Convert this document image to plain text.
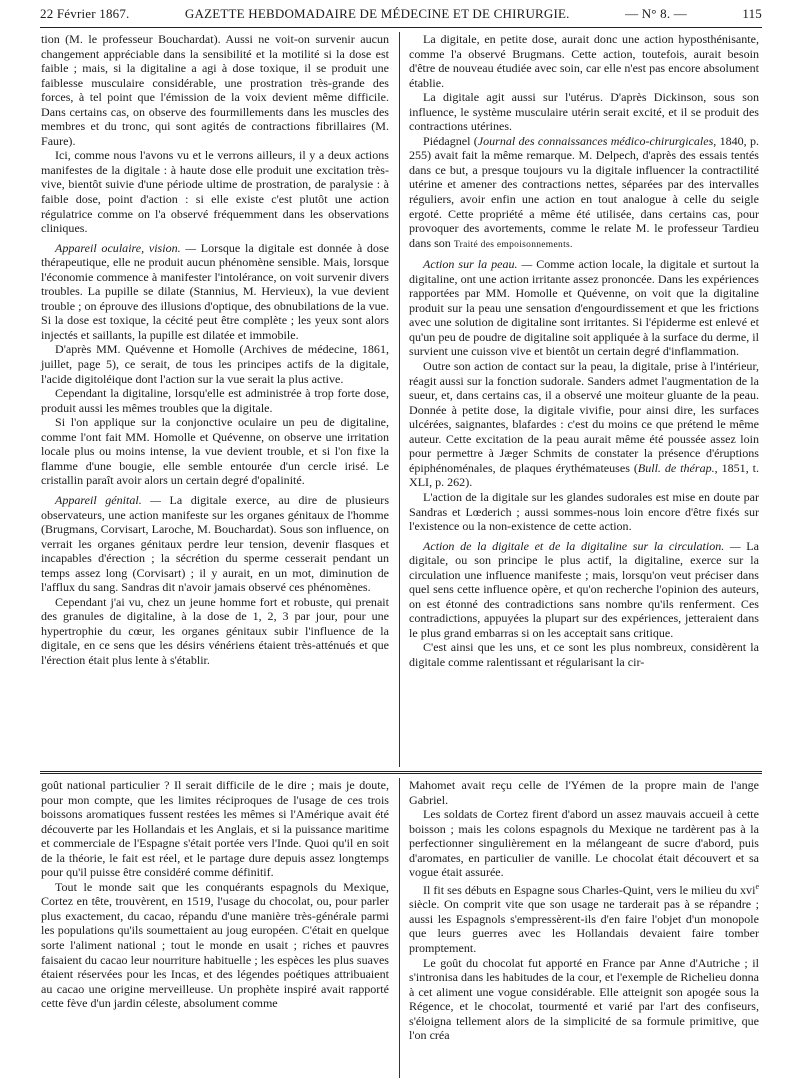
22 Février 1867.	GAZETTE HEBDOMADAIRE DE MÉDECINE ET DE CHIRURGIE.	— N° 8. —	115

tion (M. le professeur Bouchardat). Aussi ne voit-on survenir aucun changement appréciable dans la sensibilité et la motilité si la dose est faible ; mais, si la digitaline a agi à dose toxique, il se produit une faiblesse musculaire considérable, une prostration très-grande des forces, à tel point que l'émission de la voix devient même difficile. Dans certains cas, on observe des fourmillements dans les muscles des membres et du tronc, qui sont agités de contractions fibrillaires (M. Faure).

Ici, comme nous l'avons vu et le verrons ailleurs, il y a deux actions manifestes de la digitale : à haute dose elle produit une excitation très-vive, bientôt suivie d'une période ultime de prostration, de paralysie : à faible dose, point d'action : si elle existe c'est plutôt une action régulatrice comme on l'a observé fréquemment dans les observations cliniques.

Appareil oculaire, vision. — Lorsque la digitale est donnée à dose thérapeutique, elle ne produit aucun phénomène sensible. Mais, lorsque l'économie commence à manifester l'intolérance, on voit survenir divers troubles. La pupille se dilate (Stannius, M. Hervieux), la vue devient trouble ; on éprouve des illusions d'optique, des obnubilations de la vue. Si la dose est toxique, la cécité peut être complète ; les yeux sont alors injectés et saillants, la pupille est dilatée et immobile.

D'après MM. Quévenne et Homolle (Archives de médecine, 1861, juillet, page 5), ce serait, de tous les principes actifs de la digitale, l'acide digitoléique dont l'action sur la vue serait la plus active.

Cependant la digitaline, lorsqu'elle est administrée à trop forte dose, produit aussi les mêmes troubles que la digitale.

Si l'on applique sur la conjonctive oculaire un peu de digitaline, comme l'ont fait MM. Homolle et Quévenne, on observe une irritation locale plus ou moins intense, la vue devient trouble, et si l'on fixe la flamme d'une bougie, elle semble entourée d'un cercle irisé. Le cristallin paraît avoir alors un certain degré d'opalinité.

Appareil génital. — La digitale exerce, au dire de plusieurs observateurs, une action manifeste sur les organes génitaux de l'homme (Brugmans, Corvisart, Laroche, M. Bouchardat). Sous son influence, on verrait les organes génitaux perdre leur tension, devenir flasques et incapables d'érection ; la sécrétion du sperme cesserait pendant un temps assez long (Corvisart) ; il y aurait, en un mot, diminution de l'afflux du sang. Sandras dit n'avoir jamais observé ces phénomènes.

Cependant j'ai vu, chez un jeune homme fort et robuste, qui prenait des granules de digitaline, à la dose de 1, 2, 3 par jour, pour une hypertrophie du cœur, les organes génitaux subir l'influence de la digitale, en ce sens que les désirs vénériens étaient très-atténués et que l'érection était plus lente à s'établir.

La digitale, en petite dose, aurait donc une action hyposthénisante, comme l'a observé Brugmans. Cette action, toutefois, aurait besoin d'être de nouveau étudiée avec soin, car elle n'est pas encore absolument établie.

La digitale agit aussi sur l'utérus. D'après Dickinson, sous son influence, le système musculaire utérin serait excité, et il se produit des contractions utérines.

Piédagnel (Journal des connaissances médico-chirurgicales, 1840, p. 255) avait fait la même remarque. M. Delpech, d'après des essais tentés dans ce but, a presque toujours vu la digitale influencer la contractilité utérine et amener des contractions nettes, séparées par des intervalles réguliers, avoir enfin une action en tout analogue à celle du seigle ergoté. Cette propriété a même été utilisée, dans certains cas, pour provoquer des avortements, comme le relate M. le professeur Tardieu dans son Traité des empoisonnements.

Action sur la peau. — Comme action locale, la digitale et surtout la digitaline, ont une action irritante assez prononcée. Dans les expériences rapportées par MM. Homolle et Quévenne, on voit que la digitaline produit sur la peau une sensation d'engourdissement et que les frictions avec une solution de digitaline sont irritantes. Si l'épiderme est enlevé et qu'un peu de poudre de digitaline soit appliquée à la surface du derme, il survient une cuisson vive et bientôt un certain degré d'inflammation.

Outre son action de contact sur la peau, la digitale, prise à l'intérieur, réagit aussi sur la fonction sudorale. Sanders admet l'augmentation de la sueur, et, dans certains cas, il a observé une moiteur gluante de la peau. Donnée à petite dose, la digitale vivifie, pour ainsi dire, les surfaces ulcérées, saignantes, blafardes : c'est du moins ce que prétend le même auteur. Cette excitation de la peau aurait même été poussée assez loin pour permettre à Jæger Schmits de constater la présence d'éruptions épiphénoménales, de plaques érythémateuses (Bull. de thérap., 1851, t. XLI, p. 262).

L'action de la digitale sur les glandes sudorales est mise en doute par Sandras et Lœderich ; aussi sommes-nous loin encore d'être fixés sur l'existence ou la non-existence de cette action.

Action de la digitale et de la digitaline sur la circulation. — La digitale, ou son principe le plus actif, la digitaline, exerce sur la circulation une influence manifeste ; mais, lorsqu'on veut préciser dans quel sens cette influence opère, et qu'on recherche l'opinion des auteurs, on est étonné des contradictions sans nombre qu'ils renferment. Ces contradictions, appuyées la plupart sur des expériences, jetteraient dans le plus grand embarras si on les acceptait sans critique.

C'est ainsi que les uns, et ce sont les plus nombreux, considèrent la digitale comme ralentissant et régularisant la cir-

goût national particulier ? Il serait difficile de le dire ; mais je doute, pour mon compte, que les limites réciproques de l'usage de ces trois boissons aromatiques fussent restées les mêmes si l'Amérique avait été découverte par les Hollandais et les Anglais, et si la puissance maritime et commerciale de l'Espagne s'était portée vers l'Inde. Quoi qu'il en soit de la théorie, le fait est réel, et le partage dure depuis assez longtemps pour qu'il puisse être considéré comme définitif.

Tout le monde sait que les conquérants espagnols du Mexique, Cortez en tête, trouvèrent, en 1519, l'usage du chocolat, ou, pour parler plus exactement, du cacao, répandu d'une manière très-générale parmi les populations qu'ils soumettaient au joug européen. C'était en quelque sorte l'aliment national ; tout le monde en usait ; riches et pauvres faisaient du cacao leur nourriture habituelle ; les espèces les plus suaves étaient réservées pour les Incas, et des légendes poétiques attribuaient au cacao une origine merveilleuse. Un prophète inspiré avait rapporté cette fève d'un jardin céleste, absolument comme

Mahomet avait reçu celle de l'Yémen de la propre main de l'ange Gabriel.

Les soldats de Cortez firent d'abord un assez mauvais accueil à cette boisson ; mais les colons espagnols du Mexique ne tardèrent pas à la perfectionner singulièrement en la mélangeant de sucre d'abord, puis d'aromates, en particulier de vanille. Le chocolat était découvert et sa vogue était assurée.

Il fit ses débuts en Espagne sous Charles-Quint, vers le milieu du xvi$^e$ siècle. On comprit vite que son usage ne tarderait pas à se répandre ; aussi les Espagnols s'empressèrent-ils d'en faire l'objet d'un monopole que leurs guerres avec les Hollandais devaient faire tomber promptement.

Le goût du chocolat fut apporté en France par Anne d'Autriche ; il s'intronisa dans les habitudes de la cour, et l'exemple de Richelieu donna à cet aliment une vogue considérable. Elle atteignit son apogée sous la Régence, et le chocolat, tourmenté et varié par l'art des confiseurs, s'éloigna tellement alors de la simplicité de sa formule primitive, que l'on créa
